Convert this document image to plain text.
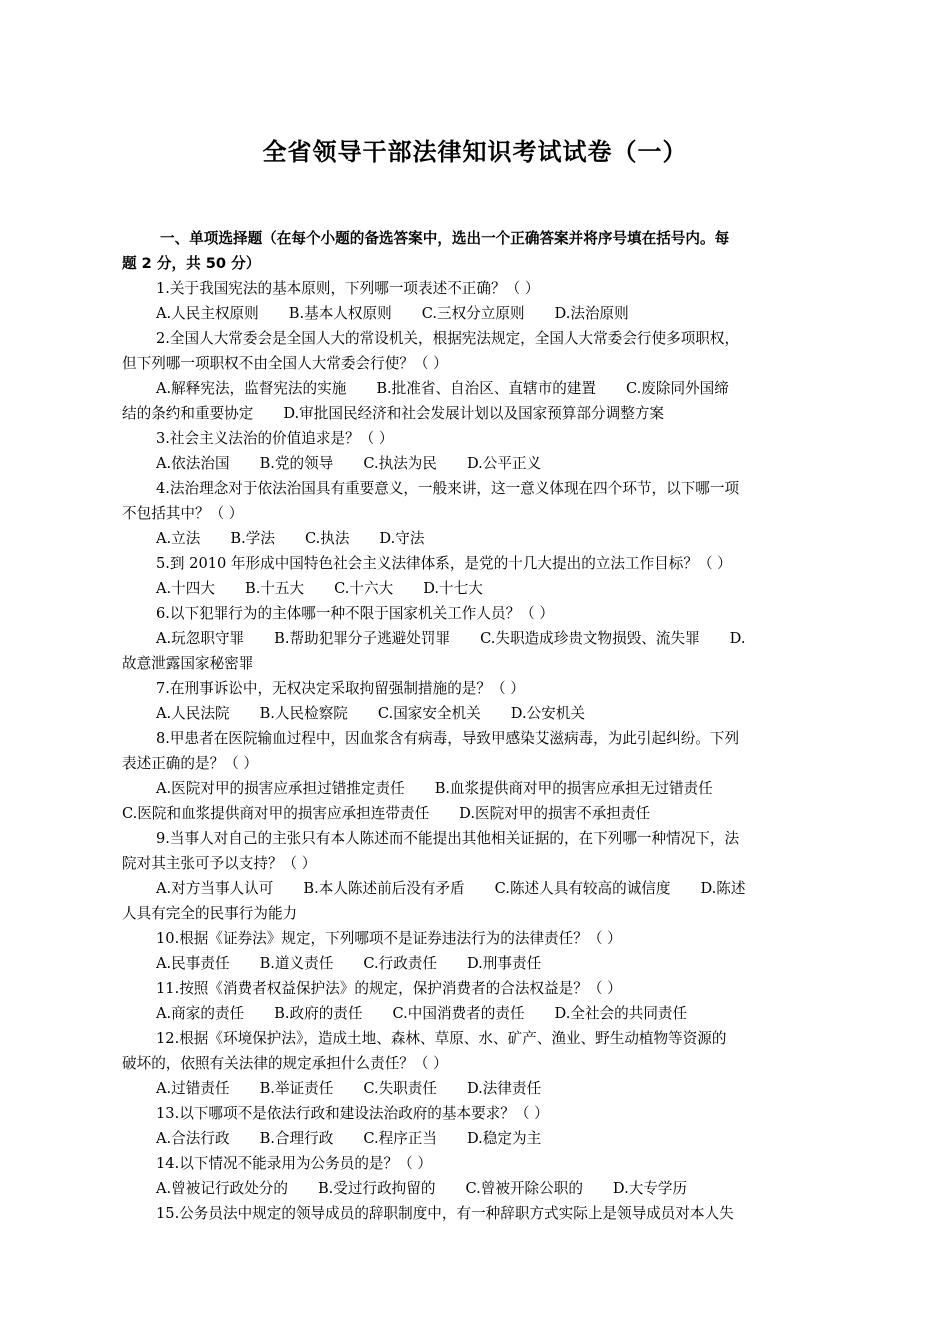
全省领导干部法律知识考试试卷（一）
一、单项选择题（在每个小题的备选答案中，选出一个正确答案并将序号填在括号内。每
题 2 分，共 50 分）
1.关于我国宪法的基本原则，下列哪一项表述不正确？（ ）
A.人民主权原则 B.基本人权原则 C.三权分立原则 D.法治原则
2.全国人大常委会是全国人大的常设机关，根据宪法规定，全国人大常委会行使多项职权，
但下列哪一项职权不由全国人大常委会行使？（ ）
A.解释宪法，监督宪法的实施 B.批准省、自治区、直辖市的建置 C.废除同外国缔
结的条约和重要协定 D.审批国民经济和社会发展计划以及国家预算部分调整方案
3.社会主义法治的价值追求是？（ ）
A.依法治国 B.党的领导 C.执法为民 D.公平正义
4.法治理念对于依法治国具有重要意义，一般来讲，这一意义体现在四个环节，以下哪一项
不包括其中？（ ）
A.立法 B.学法 C.执法 D.守法
5.到 2010 年形成中国特色社会主义法律体系，是党的十几大提出的立法工作目标？（ ）
A.十四大 B.十五大 C.十六大 D.十七大
6.以下犯罪行为的主体哪一种不限于国家机关工作人员？（ ）
A.玩忽职守罪 B.帮助犯罪分子逃避处罚罪 C.失职造成珍贵文物损毁、流失罪 D.
故意泄露国家秘密罪
7.在刑事诉讼中，无权决定采取拘留强制措施的是？（ ）
A.人民法院 B.人民检察院 C.国家安全机关 D.公安机关
8.甲患者在医院输血过程中，因血浆含有病毒，导致甲感染艾滋病毒，为此引起纠纷。下列
表述正确的是？（ ）
A.医院对甲的损害应承担过错推定责任 B.血浆提供商对甲的损害应承担无过错责任
C.医院和血浆提供商对甲的损害应承担连带责任 D.医院对甲的损害不承担责任
9.当事人对自己的主张只有本人陈述而不能提出其他相关证据的，在下列哪一种情况下，法
院对其主张可予以支持？（ ）
A.对方当事人认可 B.本人陈述前后没有矛盾 C.陈述人具有较高的诚信度 D.陈述
人具有完全的民事行为能力
10.根据《证券法》规定，下列哪项不是证券违法行为的法律责任？（ ）
A.民事责任 B.道义责任 C.行政责任 D.刑事责任
11.按照《消费者权益保护法》的规定，保护消费者的合法权益是？（ ）
A.商家的责任 B.政府的责任 C.中国消费者的责任 D.全社会的共同责任
12.根据《环境保护法》，造成土地、森林、草原、水、矿产、渔业、野生动植物等资源的
破坏的，依照有关法律的规定承担什么责任？（ ）
A.过错责任 B.举证责任 C.失职责任 D.法律责任
13.以下哪项不是依法行政和建设法治政府的基本要求？（ ）
A.合法行政 B.合理行政 C.程序正当 D.稳定为主
14.以下情况不能录用为公务员的是？（ ）
A.曾被记行政处分的 B.受过行政拘留的 C.曾被开除公职的 D.大专学历
15.公务员法中规定的领导成员的辞职制度中，有一种辞职方式实际上是领导成员对本人失
